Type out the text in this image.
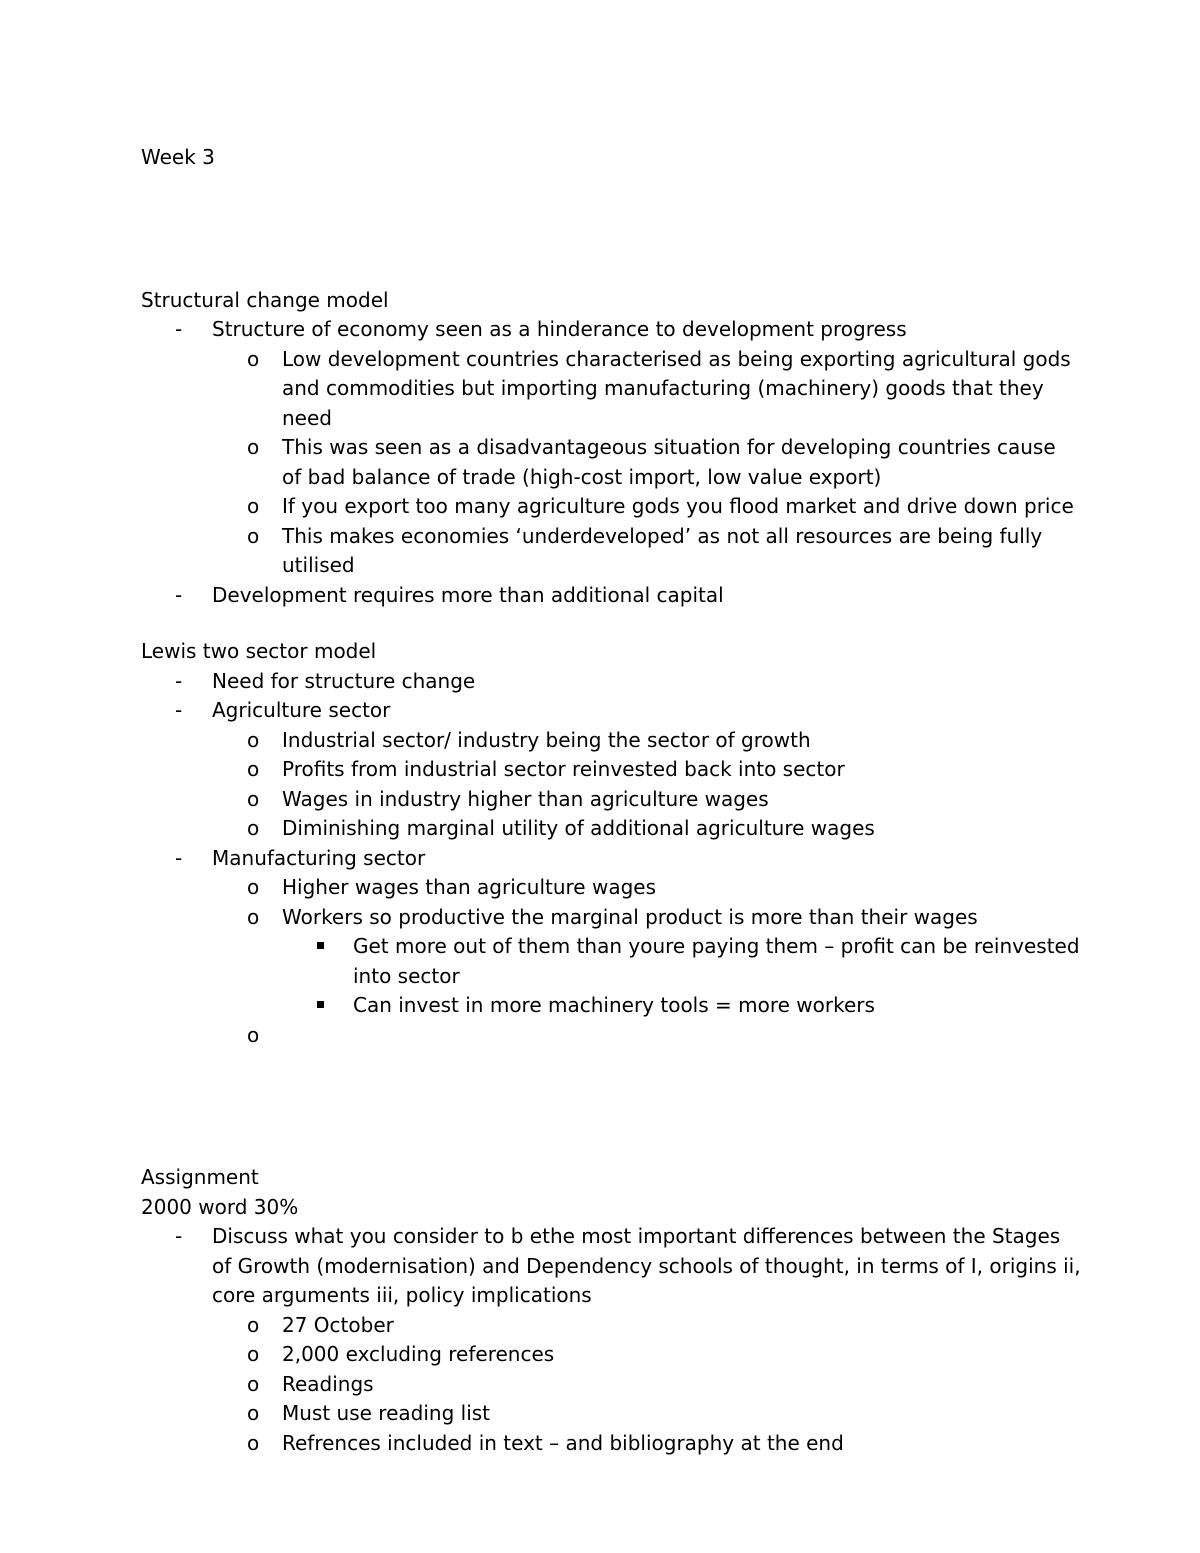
Week 3
Structural change model
- Structure of economy seen as a hinderance to development progress
o Low development countries characterised as being exporting agricultural gods and commodities but importing manufacturing (machinery) goods that they need
o This was seen as a disadvantageous situation for developing countries cause of bad balance of trade (high-cost import, low value export)
o If you export too many agriculture gods you flood market and drive down price
o This makes economies ‘underdeveloped’ as not all resources are being fully utilised
- Development requires more than additional capital
Lewis two sector model
- Need for structure change
- Agriculture sector
o Industrial sector/ industry being the sector of growth
o Profits from industrial sector reinvested back into sector
o Wages in industry higher than agriculture wages
o Diminishing marginal utility of additional agriculture wages
- Manufacturing sector
o Higher wages than agriculture wages
o Workers so productive the marginal product is more than their wages
Get more out of them than youre paying them – profit can be reinvested into sector
Can invest in more machinery tools = more workers
o

Assignment
2000 word 30%
- Discuss what you consider to b ethe most important differences between the Stages of Growth (modernisation) and Dependency schools of thought, in terms of I, origins ii, core arguments iii, policy implications
o 27 October
o 2,000 excluding references
o Readings
o Must use reading list
o Refrences included in text – and bibliography at the end
